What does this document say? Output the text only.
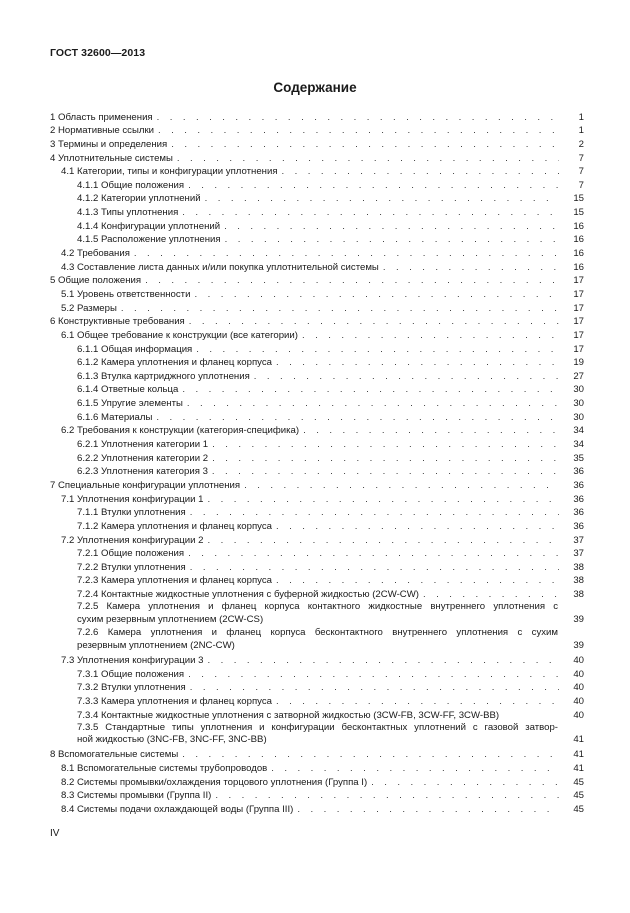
ГОСТ 32600—2013
Содержание
1 Область применения . . .	1
2 Нормативные ссылки . . .	1
3 Термины и определения . . .	2
4 Уплотнительные системы . . .	7
4.1 Категории, типы и конфигурации уплотнения . . .	7
4.1.1 Общие положения . . .	7
4.1.2 Категории уплотнений . . .	15
4.1.3 Типы уплотнения . . .	15
4.1.4 Конфигурации уплотнений . . .	16
4.1.5 Расположение уплотнения . . .	16
4.2 Требования . . .	16
4.3 Составление листа данных и/или покупка уплотнительной системы . . .	16
5 Общие положения . . .	17
5.1 Уровень ответственности . . .	17
5.2 Размеры . . .	17
6 Конструктивные требования . . .	17
6.1 Общее требование к конструкции (все категории) . . .	17
6.1.1 Общая информация . . .	17
6.1.2 Камера уплотнения и фланец корпуса . . .	19
6.1.3 Втулка картриджного уплотнения . . .	27
6.1.4 Ответные кольца . . .	30
6.1.5 Упругие элементы . . .	30
6.1.6 Материалы . . .	30
6.2 Требования к конструкции (категория-специфика) . . .	34
6.2.1 Уплотнения категории 1 . . .	34
6.2.2 Уплотнения категории 2 . . .	35
6.2.3 Уплотнения категория 3 . . .	36
7 Специальные конфигурации уплотнения . . .	36
7.1 Уплотнения конфигурации 1 . . .	36
7.1.1 Втулки уплотнения . . .	36
7.1.2 Камера уплотнения и фланец корпуса . . .	36
7.2 Уплотнения конфигурации 2 . . .	37
7.2.1 Общие положения . . .	37
7.2.2 Втулки уплотнения . . .	38
7.2.3 Камера уплотнения и фланец корпуса . . .	38
7.2.4 Контактные жидкостные уплотнения с буферной жидкостью (2CW-CW) . . .	38
7.2.5 Камера уплотнения и фланец корпуса контактного жидкостные внутреннего уплотнения с
сухим резервным уплотнением (2CW-CS)	39
7.2.6 Камера уплотнения и фланец корпуса бесконтактного внутреннего уплотнения с сухим
резервным уплотнением (2NC-CW)	39
7.3 Уплотнения конфигурации 3 . . .	40
7.3.1 Общие положения . . .	40
7.3.2 Втулки уплотнения . . .	40
7.3.3 Камера уплотнения и фланец корпуса . . .	40
7.3.4 Контактные жидкостные уплотнения с затворной жидкостью (3CW-FB, 3CW-FF, 3CW-BB)	40
7.3.5 Стандартные типы уплотнения и конфигурации бесконтактных уплотнений с газовой затвор-
ной жидкостью (3NC-FB, 3NC-FF, 3NC-BB)	41
8 Вспомогательные системы . . .	41
8.1 Вспомогательные системы трубопроводов . . .	41
8.2 Системы промывки/охлаждения торцового уплотнения (Группа I) . . .	45
8.3 Системы промывки (Группа II) . . .	45
8.4 Системы подачи охлаждающей воды (Группа III) . . .	45
IV
